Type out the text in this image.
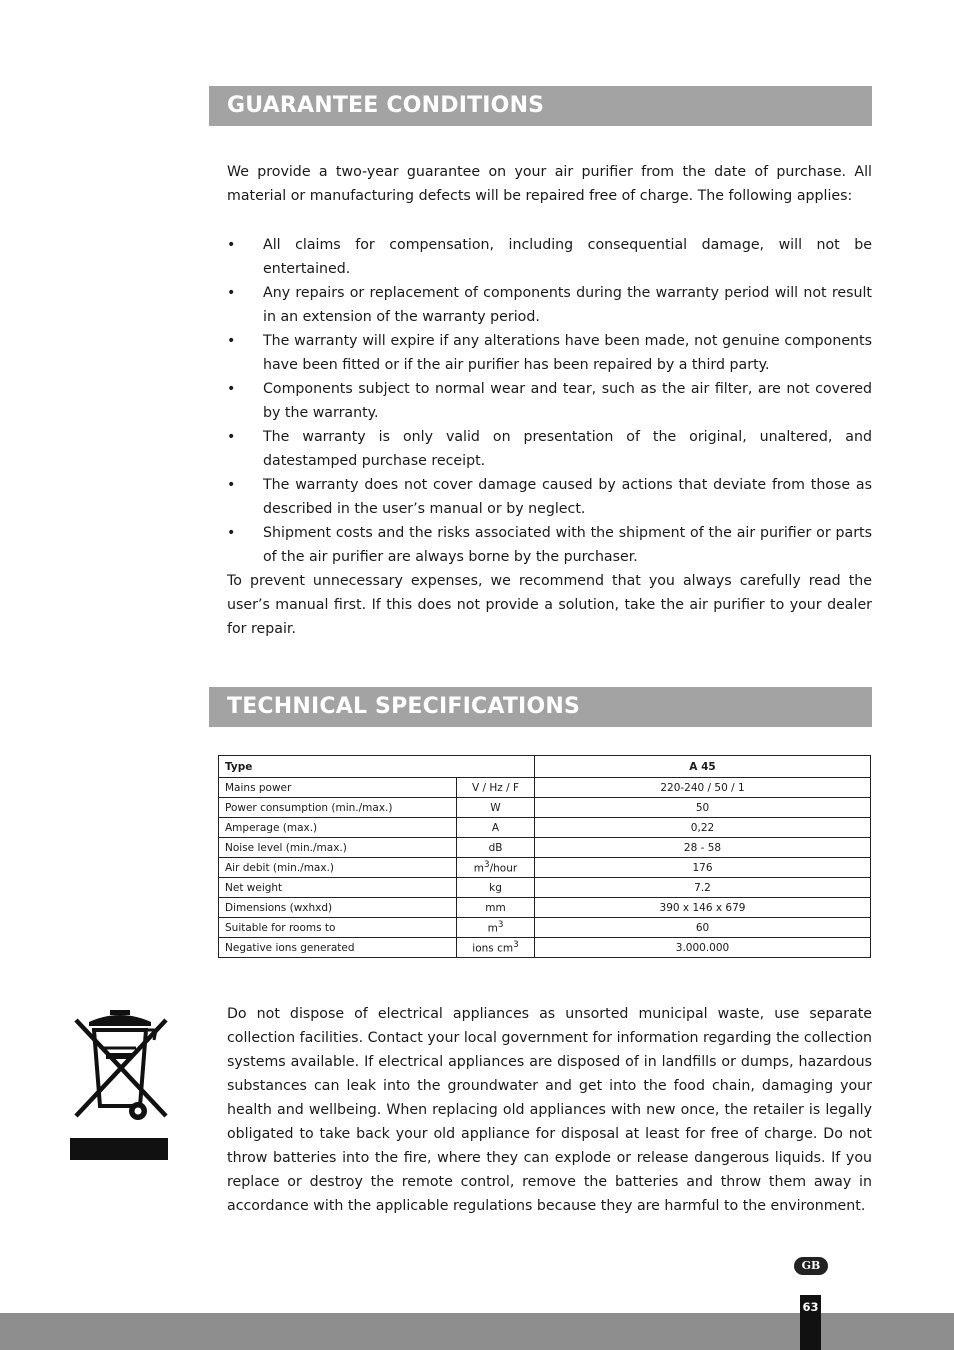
GUARANTEE CONDITIONS

We provide a two-year guarantee on your air purifier from the date of purchase. All material or manufacturing defects will be repaired free of charge. The following applies:

• All claims for compensation, including consequential damage, will not be entertained.
• Any repairs or replacement of components during the warranty period will not result in an extension of the warranty period.
• The warranty will expire if any alterations have been made, not genuine components have been fitted or if the air purifier has been repaired by a third party.
• Components subject to normal wear and tear, such as the air filter, are not covered by the warranty.
• The warranty is only valid on presentation of the original, unaltered, and datestamped purchase receipt.
• The warranty does not cover damage caused by actions that deviate from those as described in the user’s manual or by neglect.
• Shipment costs and the risks associated with the shipment of the air purifier or parts of the air purifier are always borne by the purchaser.

To prevent unnecessary expenses, we recommend that you always carefully read the user’s manual first. If this does not provide a solution, take the air purifier to your dealer for repair.

TECHNICAL SPECIFICATIONS
Type		A 45
Mains power	V / Hz / F	220-240 / 50 / 1
Power consumption (min./max.)	W	50
Amperage (max.)	A	0,22
Noise level (min./max.)	dB	28 - 58
Air debit (min./max.)	$m^3$/hour	176
Net weight	kg	7.2
Dimensions (wxhxd)	mm	390 x 146 x 679
Suitable for rooms to	$m^3$	60
Negative ions generated	ions $cm^3$	3.000.000

Do not dispose of electrical appliances as unsorted municipal waste, use separate collection facilities. Contact your local government for information regarding the collection systems available. If electrical appliances are disposed of in landfills or dumps, hazardous substances can leak into the groundwater and get into the food chain, damaging your health and wellbeing. When replacing old appliances with new once, the retailer is legally obligated to take back your old appliance for disposal at least for free of charge. Do not throw batteries into the fire, where they can explode or release dangerous liquids. If you replace or destroy the remote control, remove the batteries and throw them away in accordance with the applicable regulations because they are harmful to the environment.

GB
63
